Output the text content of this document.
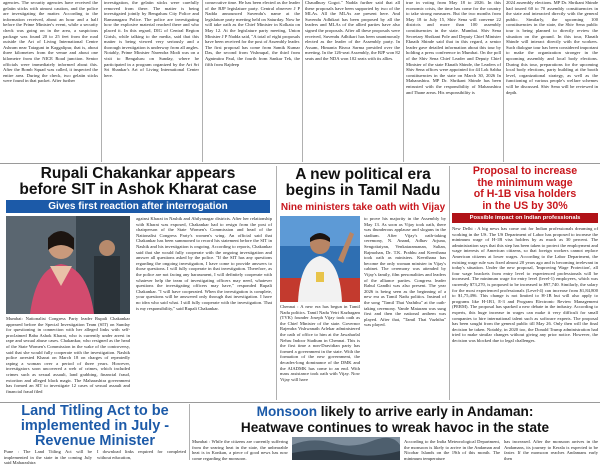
agencies. The security agencies have received the gelatin sticks with utmost caution, and the police are investigating the matter. According to the information received, about an hour and a half before the Prime Minister's event, while a security check was going on in the area, a suspicious package was found 20 to 25 feet from the road outside the Art of Living International Centre Ashram near Tataguni in Kaggalipur, that is, about three kilometres from the venue and about one kilometre from the NICE Road junction. Senior officials were immediately informed about this. After the Bomb Squad was called, it inspected the entire area. During the check, two gelatin sticks were found in that packet. After further
investigation, the gelatin sticks were carefully removed from there. The matter is being investigated jointly by Bengaluru City Police and Ramanagara Police. The police are investigating how the explosive material reached there and who placed it. In this regard, DIG of Central Region Girish, while talking to the media, said that this matter is being viewed very seriously and a thorough investigation is underway from all angles. Notably, Prime Minister Narendra Modi was on a visit to Bengaluru on Sunday, where he participated in a program organized by the Art Sri Sri Shankar's Art of Living International Center here.
consecutive time. He has been elected as the leader of the BJP legislature party. Central observer J P Nadda announced Suvendu's name at the legislature party meeting held on Saturday. Now he will take oath as the Chief Minister in Kolkata on May 12. At the legislature party meeting, Union Minister J P Nadda said, "A total of eight proposals have been received for the post of Assembly leader. The first proposal has come from Samik Kumar Das, the second from Vishnupal, the third from Agnimitra Paul, the fourth from Sankar Tek, the fifth from Rajdeep
Chaudhury Gogoi." Nadda further said that all these proposals have been supported by two of the MLAs. All the MLAs are present here. And Suvendu Adhikari has been proposed by all the leaders and MLAs of the allied parties have also signed the proposals. After all these proposals were received, Suvendu Adhikari has been unanimously elected as the leader of the Assembly party. In Assam, Himanta Biswa Sarma presided over the meeting. In the 126-seat Assembly, the BJP won 82 seats and the NDA won 102 seats with its allies.
true in voting from May 18 to 2026. In this economic crisis, the time has come for the country to take strong measures. But the two months from May 18 to July 15, Shiv Sena will convene 22 districts and more than 100 assembly constituencies in the state. Mumbai. Shiv Sena Secretary Shrikant Pole and Deputy Chief Minister Eknath Shinde said that in this regard, a senior leader gave detailed information about this tour by holding a press conference in Mumbai. On the poll of the Shiv Sena Chief Leader and Deputy Chief Minister of the state Eknath Shinde, the Leaders of Shiv Sena offices were appointed for 44 Lok Sabha constituencies in the state on March 30, 2026 In Maharashtra. MP Dr. Shrikant Shinde has been entrusted with the responsibility of Maharashtra and Thane areas. His responsibility is
2024 assembly elections. MP Dr. Shrikant Shinde had toured 60 to 70 assembly constituencies in the state and interacted directly with the general public. Similarly, the upcoming 100 constituencies in the state, the Shiv Sena public tour is being planned to directly review the situation on the ground. In this tour, Eknath Shinde will interact directly with the workers. Such dialogue tour has been considered important to make the organization stronger in the upcoming assembly and local body elections. During this tour, preparations for the upcoming local body elections, party building at the booth level, organizational strategy, as well as the functioning of various people's welfare schemes will be discussed. Shiv Sena will be reviewed in depth.
Rupali Chakankar appears
before SIT in Ashok Kharat case
Gives first reaction after interrogation
Mumbai: Nationalist Congress Party leader Rupali Chakankar appeared before the Special Investigation Team (SIT) on Sunday for questioning in connection with her alleged links with self-proclaimed Baba Ashok Kharat, who is currently under arrest in rape and sexual abuse cases. Chakankar, who resigned as the head of the State Women's Commission in the wake of the controversy, said that she would fully cooperate with the investigation. Nashik police arrested Kharat on March 18 on charges of repeatedly raping a woman over a period of three years. However, investigators soon uncovered a web of crimes, which included crimes such as sexual assault, land grabbing, financial fraud, extortion and alleged black magic. The Maharashtra government has formed an SIT to investigate 12 cases of sexual assault and financial fraud filed
against Kharat in Nashik and Ahilyanagar districts. After her relationship with Kharat was exposed, Chakankar had to resign from the post of chairperson of the State Women's Commission and head of the Nationalist Congress Party's women's wing. An official said that Chakankar has been summoned to record his statement before the SIT in Nashik and his investigation is ongoing. According to reports, Chakankar said that she would fully cooperate with the ongoing investigation and answer all questions asked by the police. "If the SIT has any questions regarding the ongoing investigation, I have come to provide answers to those questions. I will fully cooperate in that investigation. Therefore, as the police are not facing any harassment, I will definitely cooperate with whatever help the team of investigating officers may need, whatever questions the investigating officers may have," responded Rupali Chakankar. "I will have cooperated. When the investigation is complete, your questions will be answered only through that investigation. I have no idea who said what. I still fully cooperate with the investigation. That is my responsibility," said Rupali Chakankar.
A new political era
begins in Tamil Nadu
Nine ministers take oath with Vijay
to prove his majority in the Assembly by May 13. As soon as Vijay took oath, there was thunderous applause and slogans in the stadium. After Vijay's oath-taking ceremony, N. Anand, Adhav Arjuna, Sengottaiyan, Venkataramanan, Sultan, Rajmohan, Dr. T.K. Prabhu and Keerthana took oath as ministers. Keerthana has become the only woman minister in Vijay's cabinet. The ceremony was attended by Vijay's family, film personalities and leaders of the alliance parties. Congress leader Rahul Gandhi was also present. The year 2026 is being seen as the beginning of a new era as Tamil Nadu politics. Instead of the song "Tamil Thai Vazhthu" at the oath-taking ceremony. Vande Mataram was sung first and then the national anthem was played. After that, "Tamil Thai Vazhthu" was played.
Chennai : A new era has begun in Tamil Nadu politics. Tamil Nadu Vetri Kazhagam (TVK) founder Joseph Vijay took oath as the Chief Minister of the state. Governor Rajendra Vishwanath Arlekar administered the oath of office to him at the Jawaharlal Nehru Indoor Stadium in Chennai. This is the first time a non-Dravidian party has formed a government in the state. With the formation of the new government, the decades-long dominance of the DMK and the AIADMK has come to an end. With mass assistance took oath with Vijay. Now Vijay will have
Proposal to increase
the minimum wage
of H-1B visa holders
in the US by 30%
Possible impact on Indian professionals
New Delhi : A big news has come out for Indian professionals dreaming of working in the US. The US Department of Labor has proposed to increase the minimum wage of H-1B visa holders by as much as 30 percent. The administration says that this step has been taken to protect the employment and wage interests of American citizens, so that foreign workers cannot replace American citizens at lower wages. According to the Labor Department, the existing wage rule was fixed almost 20 years ago and is becoming irrelevant in today's situation. Under the new proposal, 'Improving Wage Protection', all four wage brackets from entry level to experienced professionals will be increased. The minimum wage for entry level (level-1) employees, which was currently $73,270, is proposed to be increased to $97,740. Similarly, the salary for the most experienced professionals (Level-4) can increase from $1,84,800 to $1,75,496. This change is not limited to H-1B but will also apply to programs like H-1B1, E-3 and Program Electronic Review Management (PERM). The proposal has sparked a new debate in the industry. According to experts, this huge increase in wages can make it very difficult for small companies to hire international talent such as software experts. The proposal has been sought from the general public till May 26. Only then will the final decision be taken. Notably, in 2020 too, the Donald Trump administration had tried to make similar changes without giving any prior notice. However, the decision was blocked due to legal challenges.
Land Titling Act to be
implemented in July -
Revenue Minister
Pune : The Land Titling Act will be implemented in the state in the coming July said Maharashtra
I download links required for completed without education,
Monsoon likely to arrive early in Andaman:
Heatwave continues to wreak havoc in the state
Mumbai : While the citizens are currently suffering from the searing heat in the state, the unbearable heat is in Konkan, a piece of good news has now come regarding the monsoon.
According to the India Meteorological Department, the monsoon is likely to arrive in the Andaman and Nicobar Islands on the 19th of this month. The minimum temperature
has increased. After the monsoon arrives in the Andamans, its journey to Kerala is expected to be faster. If the monsoon reaches Andamans early then
